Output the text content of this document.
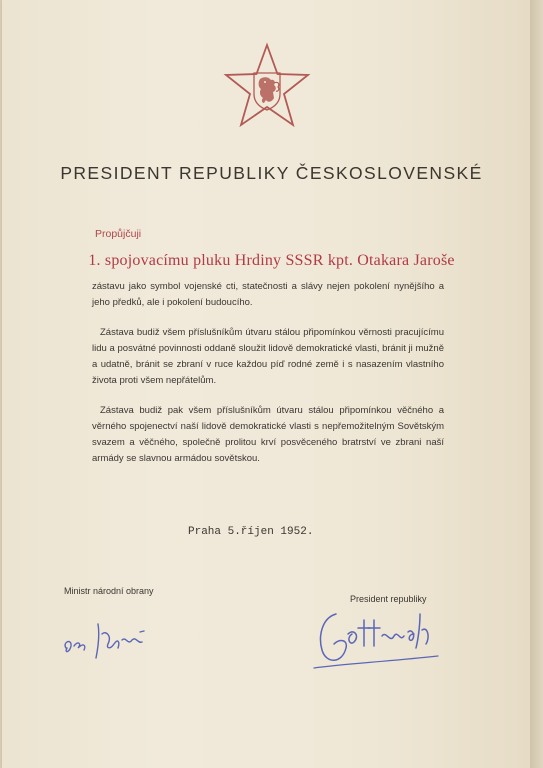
PRESIDENT REPUBLIKY ČESKOSLOVENSKÉ
Propůjčuji
1. spojovacímu pluku Hrdiny SSSR kpt. Otakara Jaroše
zástavu jako symbol vojenské cti, statečnosti a slávy nejen pokolení nynějšího a jeho předků, ale i pokolení budoucího.
Zástava budiž všem příslušníkům útvaru stálou připomínkou věrnosti pracujícímu lidu a posvátné povinnosti oddaně sloužit lidově demokratické vlasti, bránit ji mužně a udatně, bránit se zbraní v ruce každou píď rodné země i s nasazením vlastního života proti všem nepřátelům.
Zástava budiž pak všem příslušníkům útvaru stálou připomínkou věčného a věrného spojenectví naší lidově demokratické vlasti s nepřemožitelným Sovětským svazem a věčného, společně prolitou krví posvěceného bratrství ve zbrani naší armády se slavnou armádou sovětskou.
Praha 5.říjen 1952.
Ministr národní obrany
President republiky
